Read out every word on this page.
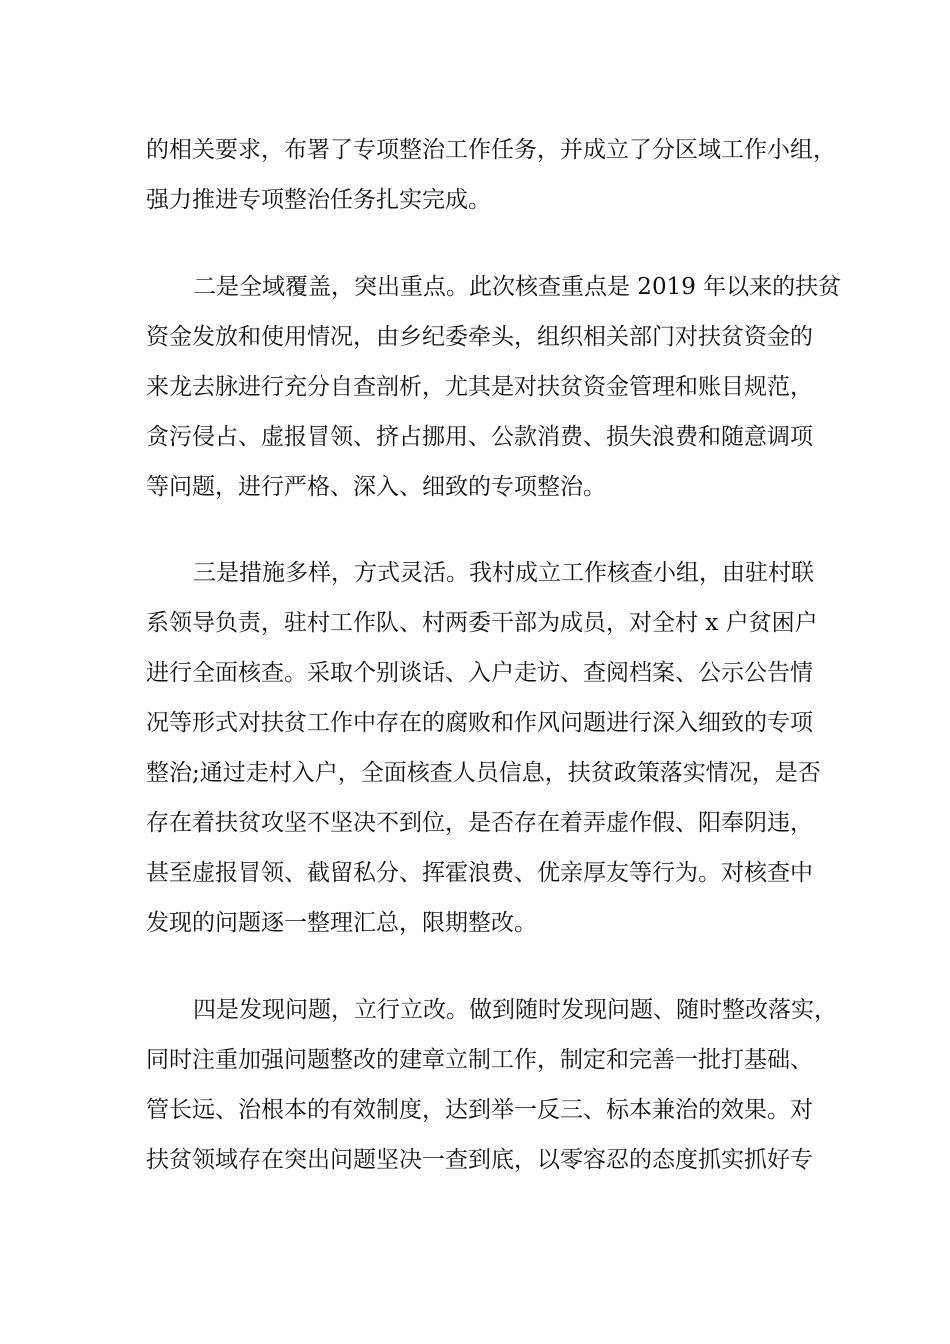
的相关要求，布署了专项整治工作任务，并成立了分区域工作小组，
强力推进专项整治任务扎实完成。
二是全域覆盖，突出重点。此次核查重点是 2019 年以来的扶贫
资金发放和使用情况，由乡纪委牵头，组织相关部门对扶贫资金的
来龙去脉进行充分自查剖析，尤其是对扶贫资金管理和账目规范，
贪污侵占、虚报冒领、挤占挪用、公款消费、损失浪费和随意调项
等问题，进行严格、深入、细致的专项整治。
三是措施多样，方式灵活。我村成立工作核查小组，由驻村联
系领导负责，驻村工作队、村两委干部为成员，对全村 x 户贫困户
进行全面核查。采取个别谈话、入户走访、查阅档案、公示公告情
况等形式对扶贫工作中存在的腐败和作风问题进行深入细致的专项
整治;通过走村入户，全面核查人员信息，扶贫政策落实情况，是否
存在着扶贫攻坚不坚决不到位，是否存在着弄虚作假、阳奉阴违，
甚至虚报冒领、截留私分、挥霍浪费、优亲厚友等行为。对核查中
发现的问题逐一整理汇总，限期整改。
四是发现问题，立行立改。做到随时发现问题、随时整改落实，
同时注重加强问题整改的建章立制工作，制定和完善一批打基础、
管长远、治根本的有效制度，达到举一反三、标本兼治的效果。对
扶贫领域存在突出问题坚决一查到底，以零容忍的态度抓实抓好专
